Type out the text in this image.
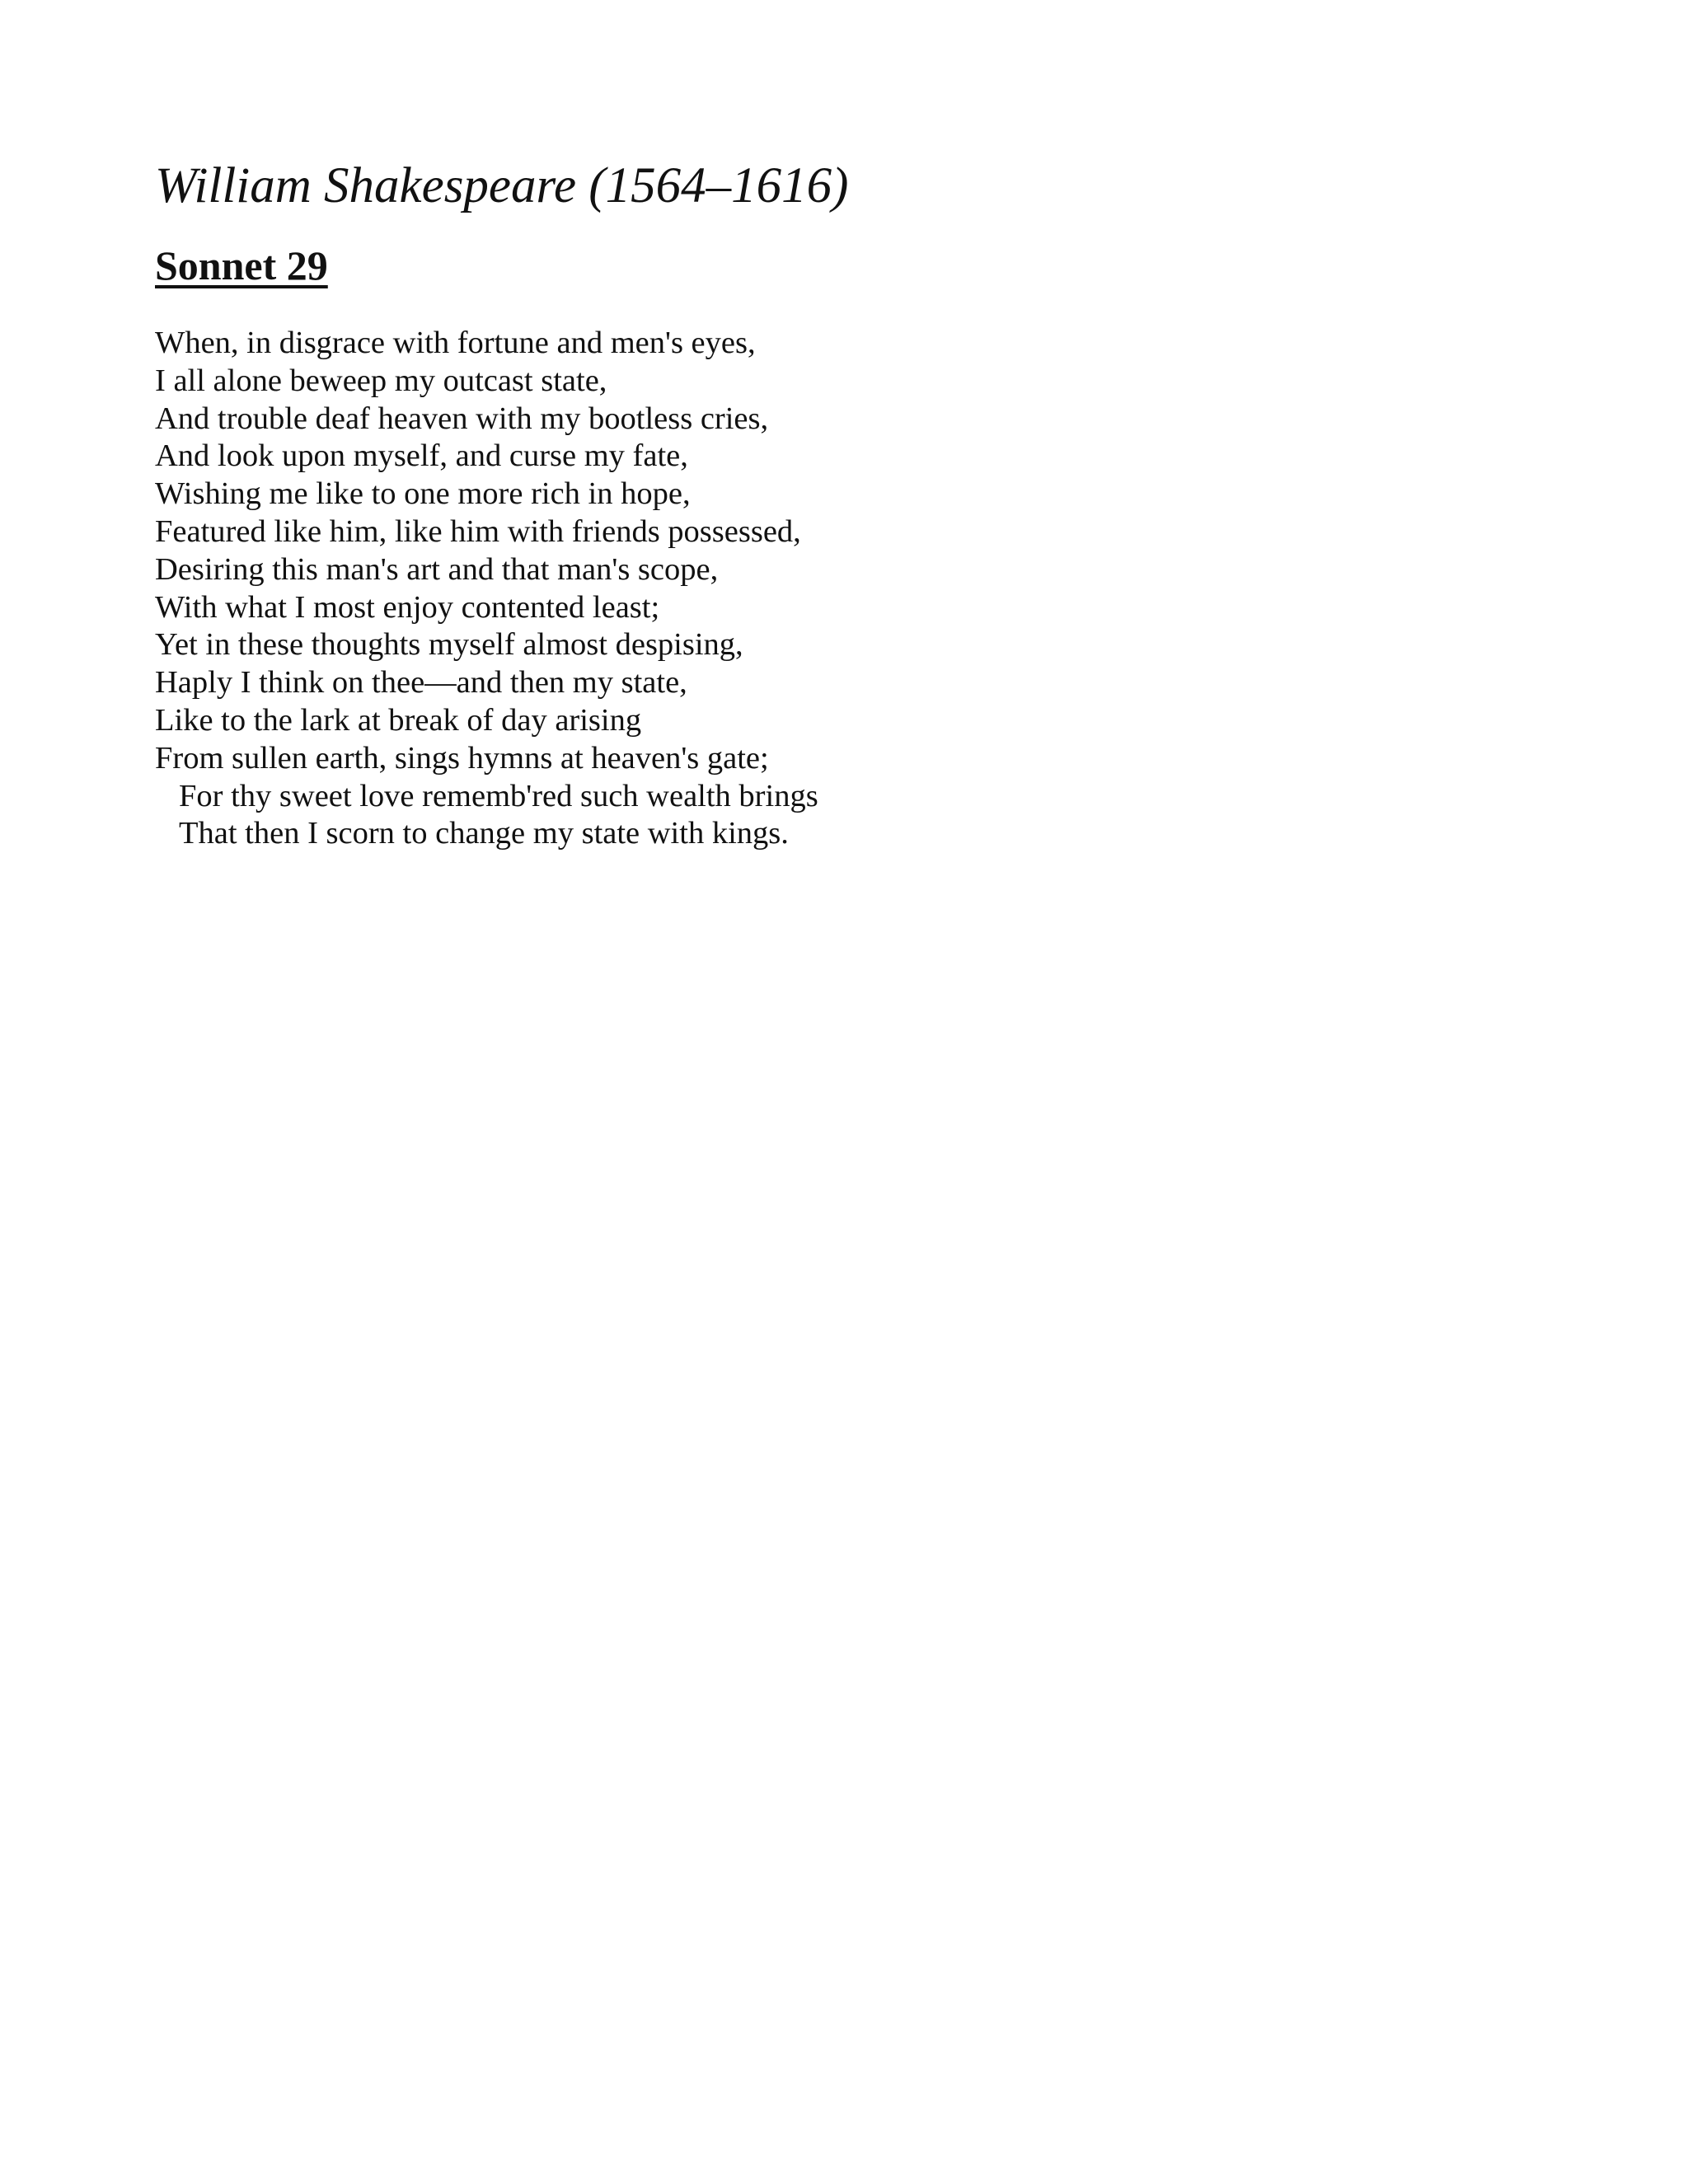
William Shakespeare (1564–1616)
Sonnet 29
When, in disgrace with fortune and men's eyes,
I all alone beweep my outcast state,
And trouble deaf heaven with my bootless cries,
And look upon myself, and curse my fate,
Wishing me like to one more rich in hope,
Featured like him, like him with friends possessed,
Desiring this man's art and that man's scope,
With what I most enjoy contented least;
Yet in these thoughts myself almost despising,
Haply I think on thee—and then my state,
Like to the lark at break of day arising
From sullen earth, sings hymns at heaven's gate;
For thy sweet love rememb'red such wealth brings
That then I scorn to change my state with kings.
